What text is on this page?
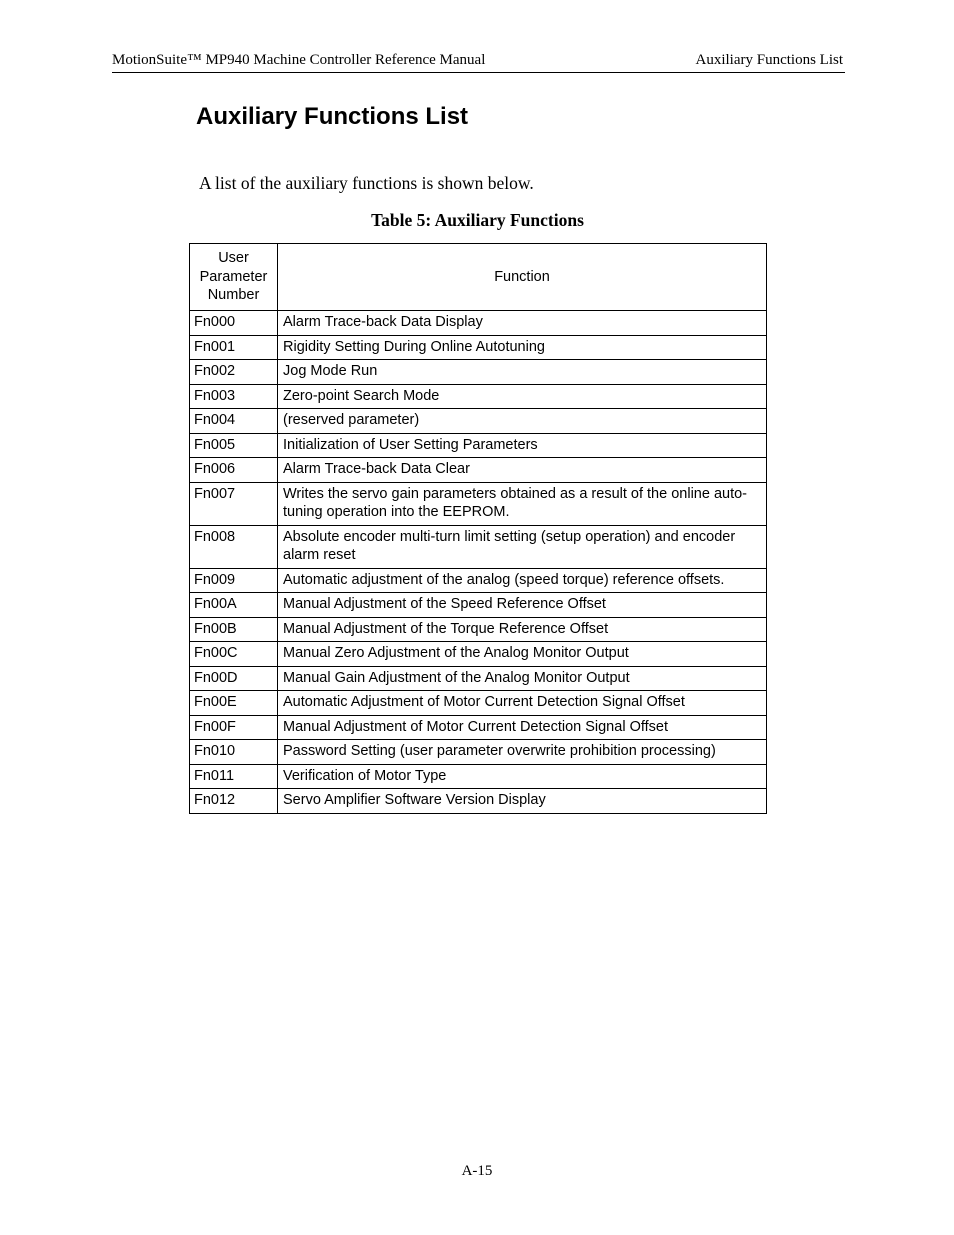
MotionSuite™ MP940 Machine Controller Reference Manual	Auxiliary Functions List
Auxiliary Functions List

A list of the auxiliary functions is shown below.

Table 5: Auxiliary Functions
User
Parameter
Number	Function
Fn000	Alarm Trace-back Data Display
Fn001	Rigidity Setting During Online Autotuning
Fn002	Jog Mode Run
Fn003	Zero-point Search Mode
Fn004	(reserved parameter)
Fn005	Initialization of User Setting Parameters
Fn006	Alarm Trace-back Data Clear
Fn007	Writes the servo gain parameters obtained as a result of the online auto-tuning operation into the EEPROM.
Fn008	Absolute encoder multi-turn limit setting (setup operation) and encoder alarm reset
Fn009	Automatic adjustment of the analog (speed torque) reference offsets.
Fn00A	Manual Adjustment of the Speed Reference Offset
Fn00B	Manual Adjustment of the Torque Reference Offset
Fn00C	Manual Zero Adjustment of the Analog Monitor Output
Fn00D	Manual Gain Adjustment of the Analog Monitor Output
Fn00E	Automatic Adjustment of Motor Current Detection Signal Offset
Fn00F	Manual Adjustment of Motor Current Detection Signal Offset
Fn010	Password Setting (user parameter overwrite prohibition processing)
Fn011	Verification of Motor Type
Fn012	Servo Amplifier Software Version Display
A-15
